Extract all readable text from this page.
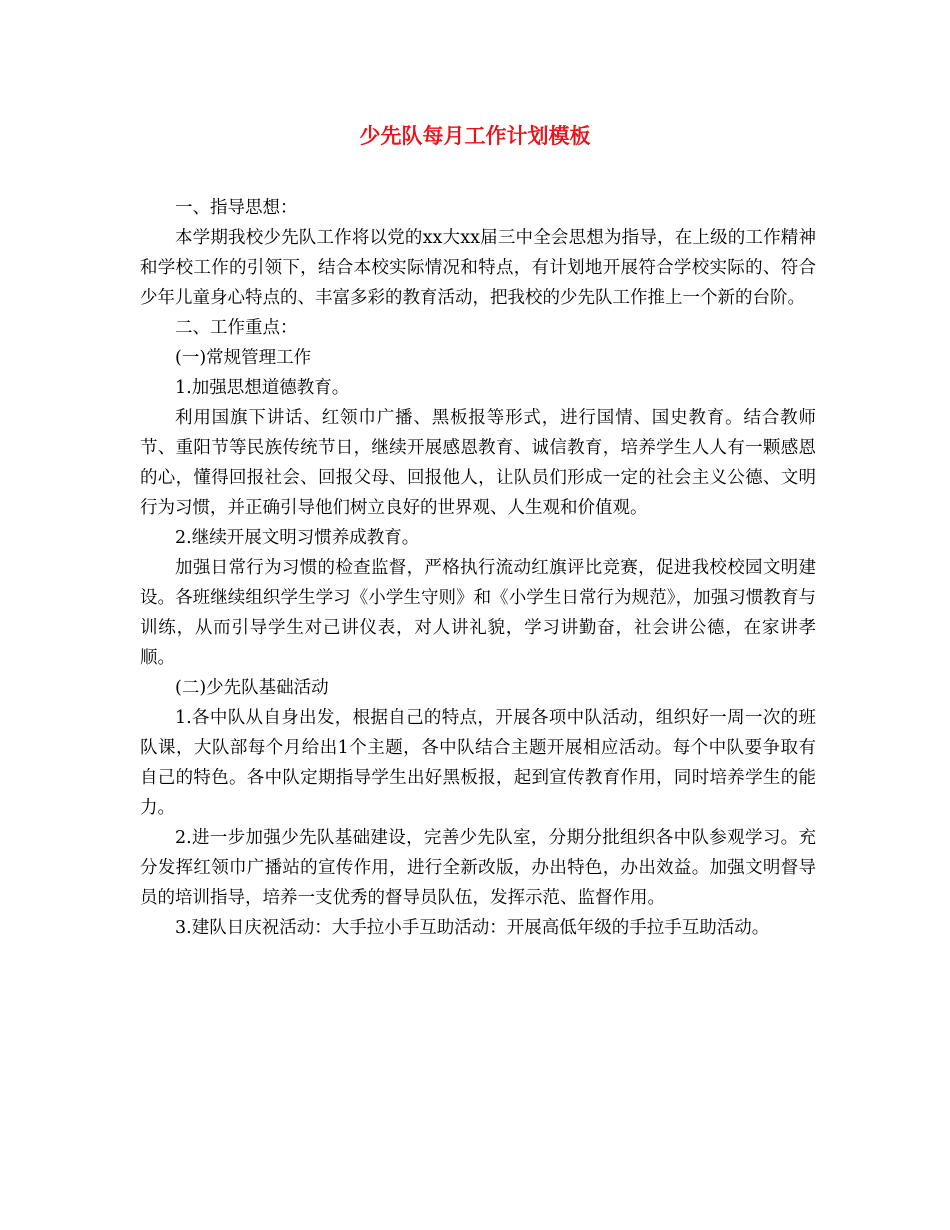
少先队每月工作计划模板

一、指导思想：

本学期我校少先队工作将以党的xx大xx届三中全会思想为指导，在上级的工作精神和学校工作的引领下，结合本校实际情况和特点，有计划地开展符合学校实际的、符合少年儿童身心特点的、丰富多彩的教育活动，把我校的少先队工作推上一个新的台阶。

二、工作重点：

(一)常规管理工作

1.加强思想道德教育。

利用国旗下讲话、红领巾广播、黑板报等形式，进行国情、国史教育。结合教师节、重阳节等民族传统节日，继续开展感恩教育、诚信教育，培养学生人人有一颗感恩的心，懂得回报社会、回报父母、回报他人，让队员们形成一定的社会主义公德、文明行为习惯，并正确引导他们树立良好的世界观、人生观和价值观。

2.继续开展文明习惯养成教育。

加强日常行为习惯的检查监督，严格执行流动红旗评比竞赛，促进我校校园文明建设。各班继续组织学生学习《小学生守则》和《小学生日常行为规范》，加强习惯教育与训练，从而引导学生对己讲仪表，对人讲礼貌，学习讲勤奋，社会讲公德，在家讲孝顺。

(二)少先队基础活动

1.各中队从自身出发，根据自己的特点，开展各项中队活动，组织好一周一次的班队课，大队部每个月给出1个主题，各中队结合主题开展相应活动。每个中队要争取有自己的特色。各中队定期指导学生出好黑板报，起到宣传教育作用，同时培养学生的能力。

2.进一步加强少先队基础建设，完善少先队室，分期分批组织各中队参观学习。充分发挥红领巾广播站的宣传作用，进行全新改版，办出特色，办出效益。加强文明督导员的培训指导，培养一支优秀的督导员队伍，发挥示范、监督作用。

3.建队日庆祝活动：大手拉小手互助活动：开展高低年级的手拉手互助活动。
